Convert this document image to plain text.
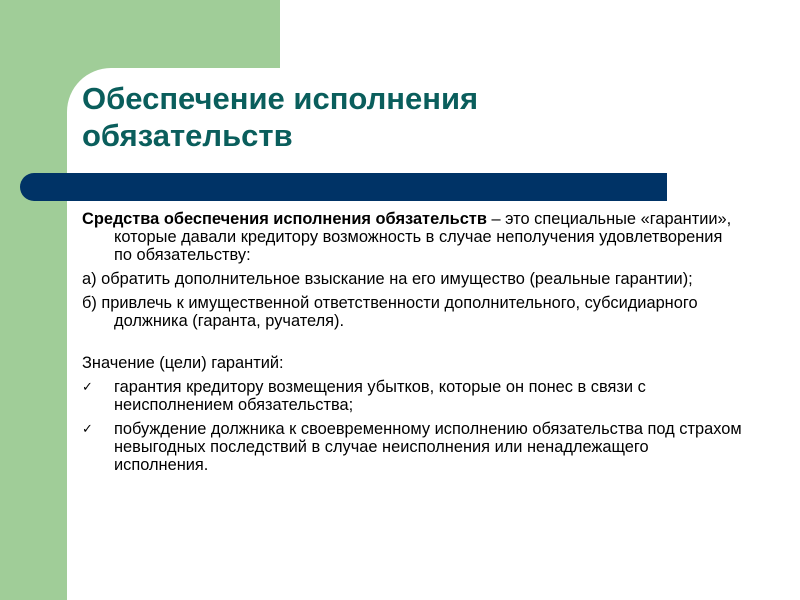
Обеспечение исполнения
обязательств

Средства обеспечения исполнения обязательств – это специальные «гарантии», которые давали кредитору возможность в случае неполучения удовлетворения по обязательству:

а) обратить дополнительное взыскание на его имущество (реальные гарантии);

б) привлечь к имущественной ответственности дополнительного, субсидиарного должника (гаранта, ручателя).

Значение (цели) гарантий:

✓ гарантия кредитору возмещения убытков, которые он понес в связи с неисполнением обязательства;
✓ побуждение должника к своевременному исполнению обязательства под страхом невыгодных последствий в случае неисполнения или ненадлежащего исполнения.
